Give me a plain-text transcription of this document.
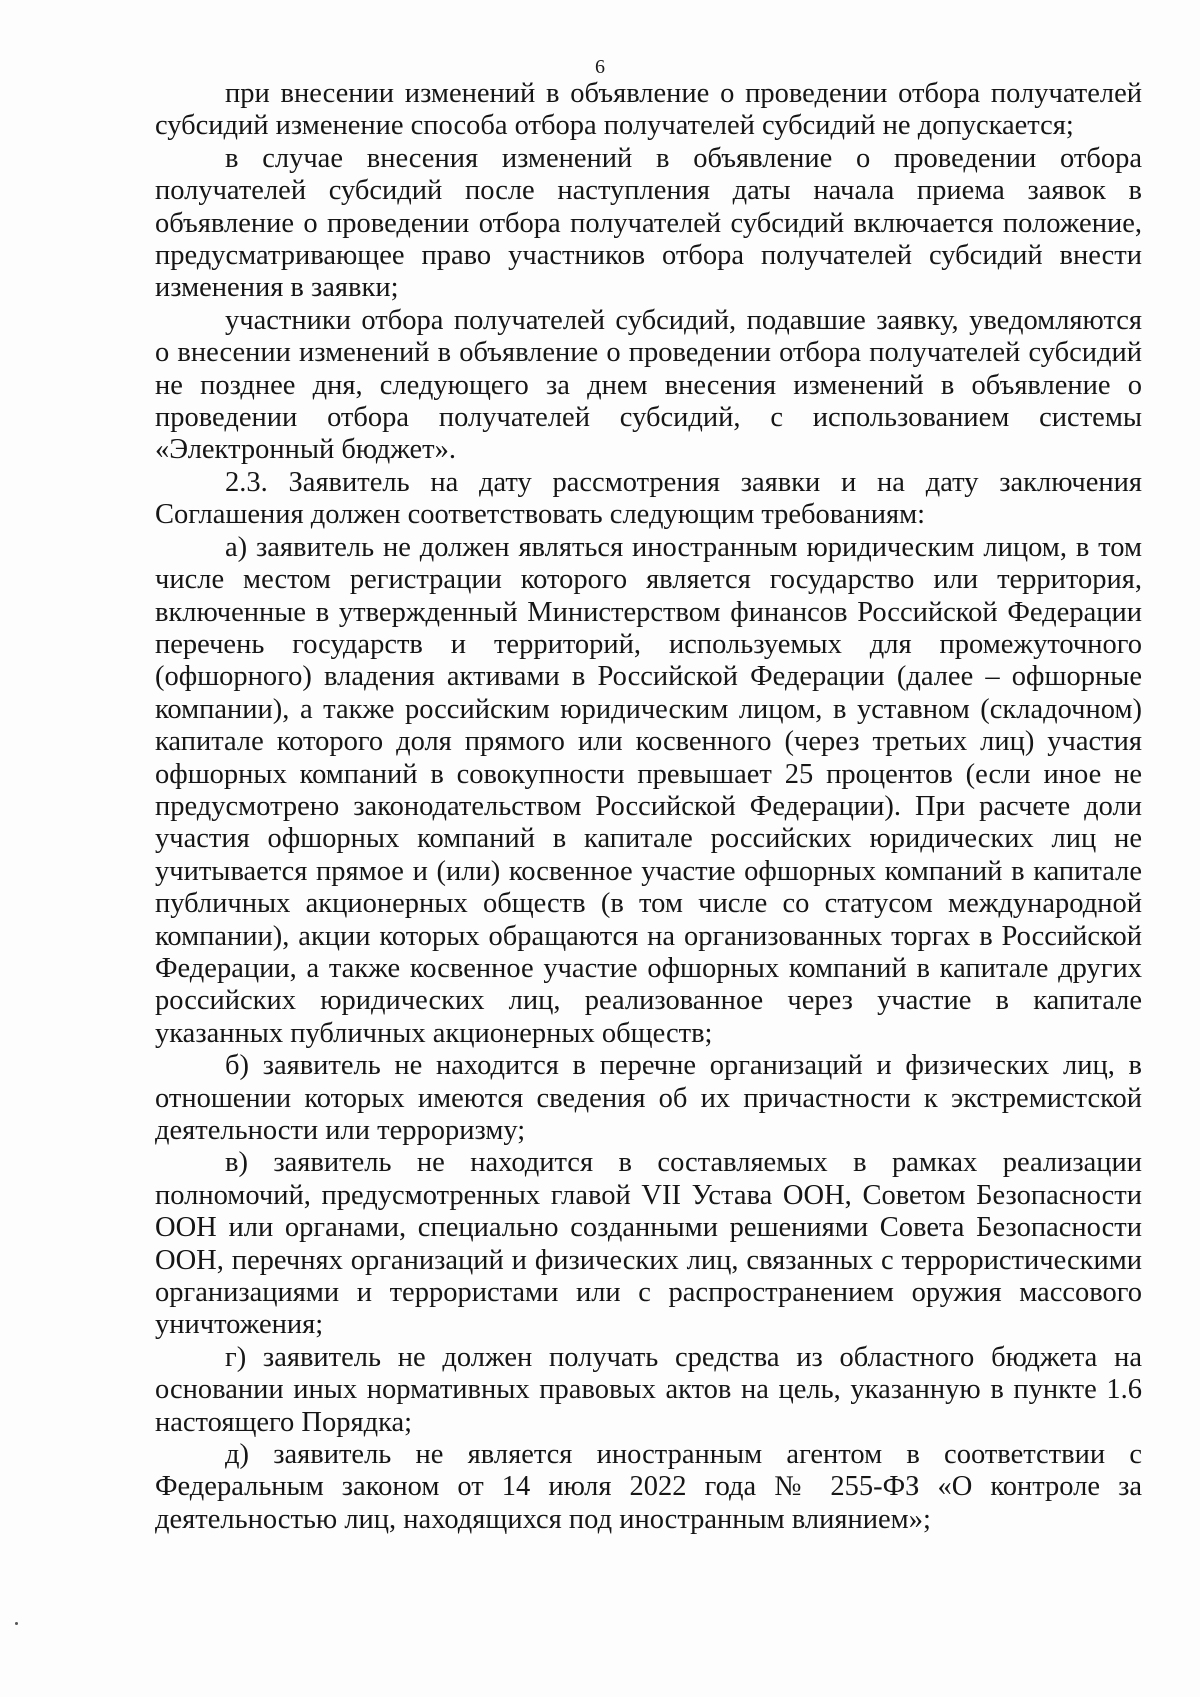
6

при внесении изменений в объявление о проведении отбора получателей субсидий изменение способа отбора получателей субсидий не допускается;

в случае внесения изменений в объявление о проведении отбора получателей субсидий после наступления даты начала приема заявок в объявление о проведении отбора получателей субсидий включается положение, предусматривающее право участников отбора получателей субсидий внести изменения в заявки;

участники отбора получателей субсидий, подавшие заявку, уведомляются о внесении изменений в объявление о проведении отбора получателей субсидий не позднее дня, следующего за днем внесения изменений в объявление о проведении отбора получателей субсидий, с использованием системы «Электронный бюджет».

2.3. Заявитель на дату рассмотрения заявки и на дату заключения Соглашения должен соответствовать следующим требованиям:

а) заявитель не должен являться иностранным юридическим лицом, в том числе местом регистрации которого является государство или территория, включенные в утвержденный Министерством финансов Российской Федерации перечень государств и территорий, используемых для промежуточного (офшорного) владения активами в Российской Федерации (далее – офшорные компании), а также российским юридическим лицом, в уставном (складочном) капитале которого доля прямого или косвенного (через третьих лиц) участия офшорных компаний в совокупности превышает 25 процентов (если иное не предусмотрено законодательством Российской Федерации). При расчете доли участия офшорных компаний в капитале российских юридических лиц не учитывается прямое и (или) косвенное участие офшорных компаний в капитале публичных акционерных обществ (в том числе со статусом международной компании), акции которых обращаются на организованных торгах в Российской Федерации, а также косвенное участие офшорных компаний в капитале других российских юридических лиц, реализованное через участие в капитале указанных публичных акционерных обществ;

б) заявитель не находится в перечне организаций и физических лиц, в отношении которых имеются сведения об их причастности к экстремистской деятельности или терроризму;

в) заявитель не находится в составляемых в рамках реализации полномочий, предусмотренных главой VII Устава ООН, Советом Безопасности ООН или органами, специально созданными решениями Совета Безопасности ООН, перечнях организаций и физических лиц, связанных с террористическими организациями и террористами или с распространением оружия массового уничтожения;

г) заявитель не должен получать средства из областного бюджета на основании иных нормативных правовых актов на цель, указанную в пункте 1.6 настоящего Порядка;

д) заявитель не является иностранным агентом в соответствии с Федеральным законом от 14 июля 2022 года № 255-ФЗ «О контроле за деятельностью лиц, находящихся под иностранным влиянием»;
